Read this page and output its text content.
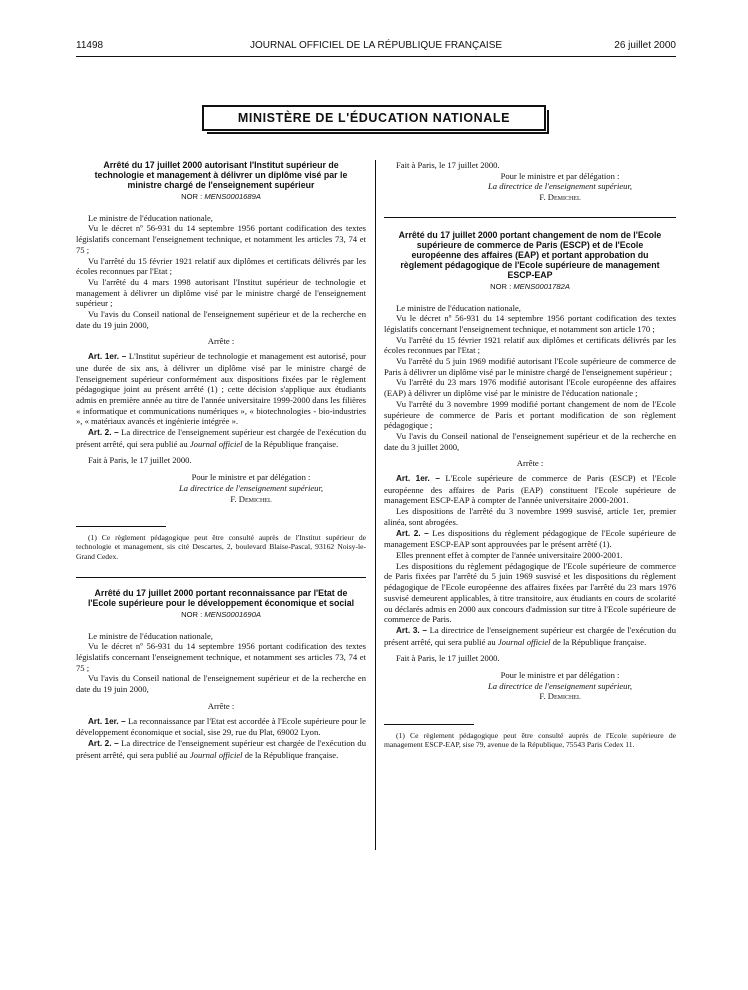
11498	JOURNAL OFFICIEL DE LA RÉPUBLIQUE FRANÇAISE	26 juillet 2000
MINISTÈRE DE L'ÉDUCATION NATIONALE
Arrêté du 17 juillet 2000 autorisant l'Institut supérieur de technologie et management à délivrer un diplôme visé par le ministre chargé de l'enseignement supérieur
NOR : MENS0001689A

Le ministre de l'éducation nationale,

Vu le décret nº 56-931 du 14 septembre 1956 portant codification des textes législatifs concernant l'enseignement technique, et notamment les articles 73, 74 et 75 ;

Vu l'arrêté du 15 février 1921 relatif aux diplômes et certificats délivrés par les écoles reconnues par l'Etat ;

Vu l'arrêté du 4 mars 1998 autorisant l'Institut supérieur de technologie et management à délivrer un diplôme visé par le ministre chargé de l'enseignement supérieur ;

Vu l'avis du Conseil national de l'enseignement supérieur et de la recherche en date du 19 juin 2000,

Arrête :

Art. 1er. – L'Institut supérieur de technologie et management est autorisé, pour une durée de six ans, à délivrer un diplôme visé par le ministre chargé de l'enseignement supérieur conformément aux dispositions fixées par le règlement pédagogique joint au présent arrêté (1) ; cette décision s'applique aux étudiants admis en première année au titre de l'année universitaire 1999-2000 dans les filières « informatique et communications numériques », « biotechnologies - bio-industries », « matériaux avancés et ingénierie intégrée ».

Art. 2. – La directrice de l'enseignement supérieur est chargée de l'exécution du présent arrêté, qui sera publié au Journal officiel de la République française.

Fait à Paris, le 17 juillet 2000.

Pour le ministre et par délégation :

La directrice de l'enseignement supérieur,

F. Demichel

(1) Ce règlement pédagogique peut être consulté auprès de l'Institut supérieur de technologie et management, sis cité Descartes, 2, boulevard Blaise-Pascal, 93162 Noisy-le-Grand Cedex.

Arrêté du 17 juillet 2000 portant reconnaissance par l'Etat de l'Ecole supérieure pour le développement économique et social
NOR : MENS0001690A

Le ministre de l'éducation nationale,

Vu le décret nº 56-931 du 14 septembre 1956 portant codification des textes législatifs concernant l'enseignement technique, et notamment ses articles 73, 74 et 75 ;

Vu l'avis du Conseil national de l'enseignement supérieur et de la recherche en date du 19 juin 2000,

Arrête :

Art. 1er. – La reconnaissance par l'Etat est accordée à l'Ecole supérieure pour le développement économique et social, sise 29, rue du Plat, 69002 Lyon.

Art. 2. – La directrice de l'enseignement supérieur est chargée de l'exécution du présent arrêté, qui sera publié au Journal officiel de la République française.

Fait à Paris, le 17 juillet 2000.

Pour le ministre et par délégation :

La directrice de l'enseignement supérieur,

F. Demichel

Arrêté du 17 juillet 2000 portant changement de nom de l'Ecole supérieure de commerce de Paris (ESCP) et de l'Ecole européenne des affaires (EAP) et portant approbation du règlement pédagogique de l'Ecole supérieure de management ESCP-EAP
NOR : MENS0001782A

Le ministre de l'éducation nationale,

Vu le décret nº 56-931 du 14 septembre 1956 portant codification des textes législatifs concernant l'enseignement technique, et notamment son article 170 ;

Vu l'arrêté du 15 février 1921 relatif aux diplômes et certificats délivrés par les écoles reconnues par l'Etat ;

Vu l'arrêté du 5 juin 1969 modifié autorisant l'Ecole supérieure de commerce de Paris à délivrer un diplôme visé par le ministre chargé de l'enseignement supérieur ;

Vu l'arrêté du 23 mars 1976 modifié autorisant l'Ecole européenne des affaires (EAP) à délivrer un diplôme visé par le ministre de l'éducation nationale ;

Vu l'arrêté du 3 novembre 1999 modifié portant changement de nom de l'Ecole supérieure de commerce de Paris et portant modification de son règlement pédagogique ;

Vu l'avis du Conseil national de l'enseignement supérieur et de la recherche en date du 3 juillet 2000,

Arrête :

Art. 1er. – L'Ecole supérieure de commerce de Paris (ESCP) et l'Ecole européenne des affaires de Paris (EAP) constituent l'Ecole supérieure de management ESCP-EAP à compter de l'année universitaire 2000-2001.

Les dispositions de l'arrêté du 3 novembre 1999 susvisé, article 1er, premier alinéa, sont abrogées.

Art. 2. – Les dispositions du règlement pédagogique de l'Ecole supérieure de management ESCP-EAP sont approuvées par le présent arrêté (1).

Elles prennent effet à compter de l'année universitaire 2000-2001.

Les dispositions du règlement pédagogique de l'Ecole supérieure de commerce de Paris fixées par l'arrêté du 5 juin 1969 susvisé et les dispositions du règlement pédagogique de l'Ecole européenne des affaires fixées par l'arrêté du 23 mars 1976 susvisé demeurent applicables, à titre transitoire, aux étudiants en cours de scolarité ou déclarés admis en 2000 aux concours d'admission sur titre à l'Ecole supérieure de commerce de Paris.

Art. 3. – La directrice de l'enseignement supérieur est chargée de l'exécution du présent arrêté, qui sera publié au Journal officiel de la République française.

Fait à Paris, le 17 juillet 2000.

Pour le ministre et par délégation :

La directrice de l'enseignement supérieur,

F. Demichel

(1) Ce règlement pédagogique peut être consulté auprès de l'Ecole supérieure de management ESCP-EAP, sise 79, avenue de la République, 75543 Paris Cedex 11.
